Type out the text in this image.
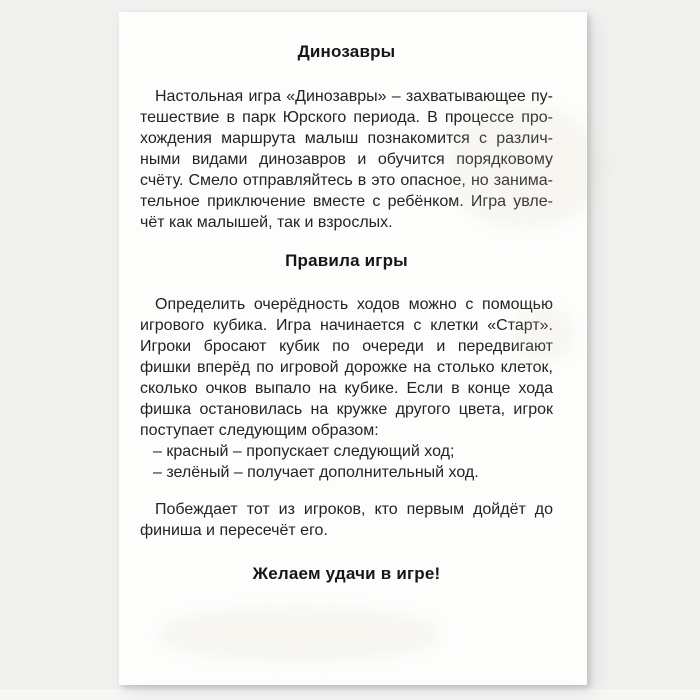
Динозавры
Настольная игра «Динозавры» – захватывающее пу-
тешествие в парк Юрского периода. В процессе про-
хождения маршрута малыш познакомится с различ-
ными видами динозавров и обучится порядковому
счёту. Смело отправляйтесь в это опасное, но занима-
тельное приключение вместе с ребёнком. Игра увле-
чёт как малышей, так и взрослых.
Правила игры
Определить очерёдность ходов можно с помощью
игрового кубика. Игра начинается с клетки «Старт».
Игроки бросают кубик по очереди и передвигают
фишки вперёд по игровой дорожке на столько клеток,
сколько очков выпало на кубике. Если в конце хода
фишка остановилась на кружке другого цвета, игрок
поступает следующим образом:
– красный – пропускает следующий ход;
– зелёный – получает дополнительный ход.
Побеждает тот из игроков, кто первым дойдёт до
финиша и пересечёт его.
Желаем удачи в игре!
